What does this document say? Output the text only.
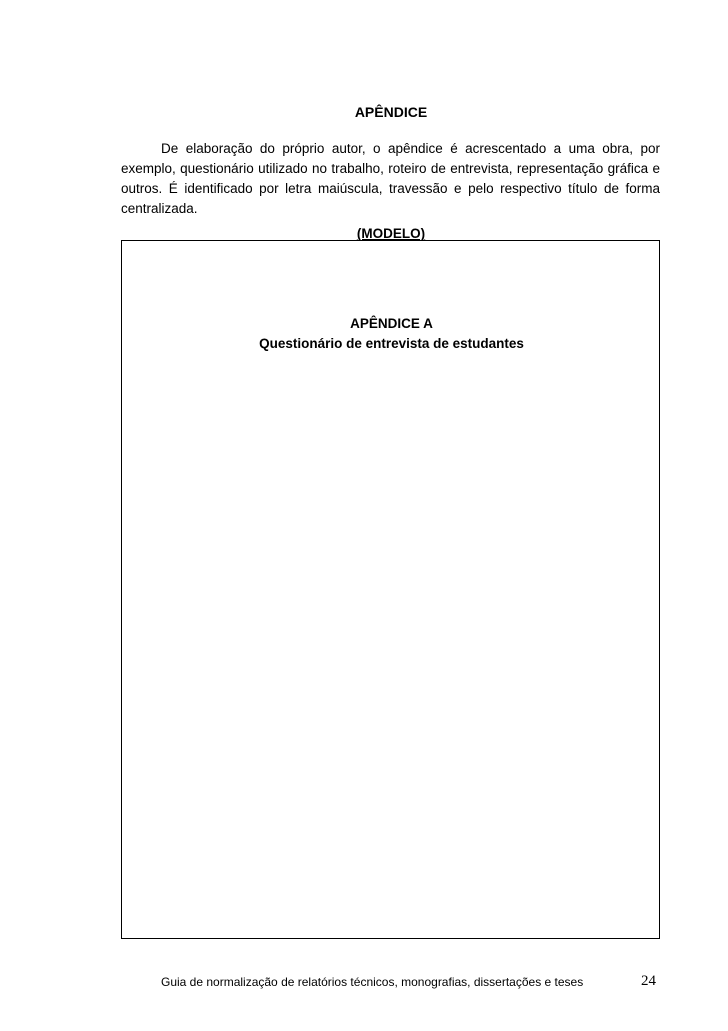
APÊNDICE

De elaboração do próprio autor, o apêndice é acrescentado a uma obra, por exemplo, questionário utilizado no trabalho, roteiro de entrevista, representação gráfica e outros. É identificado por letra maiúscula, travessão e pelo respectivo título de forma centralizada.

(MODELO)
APÊNDICE A
Questionário de entrevista de estudantes
Guia de normalização de relatórios técnicos, monografias, dissertações e teses	24
